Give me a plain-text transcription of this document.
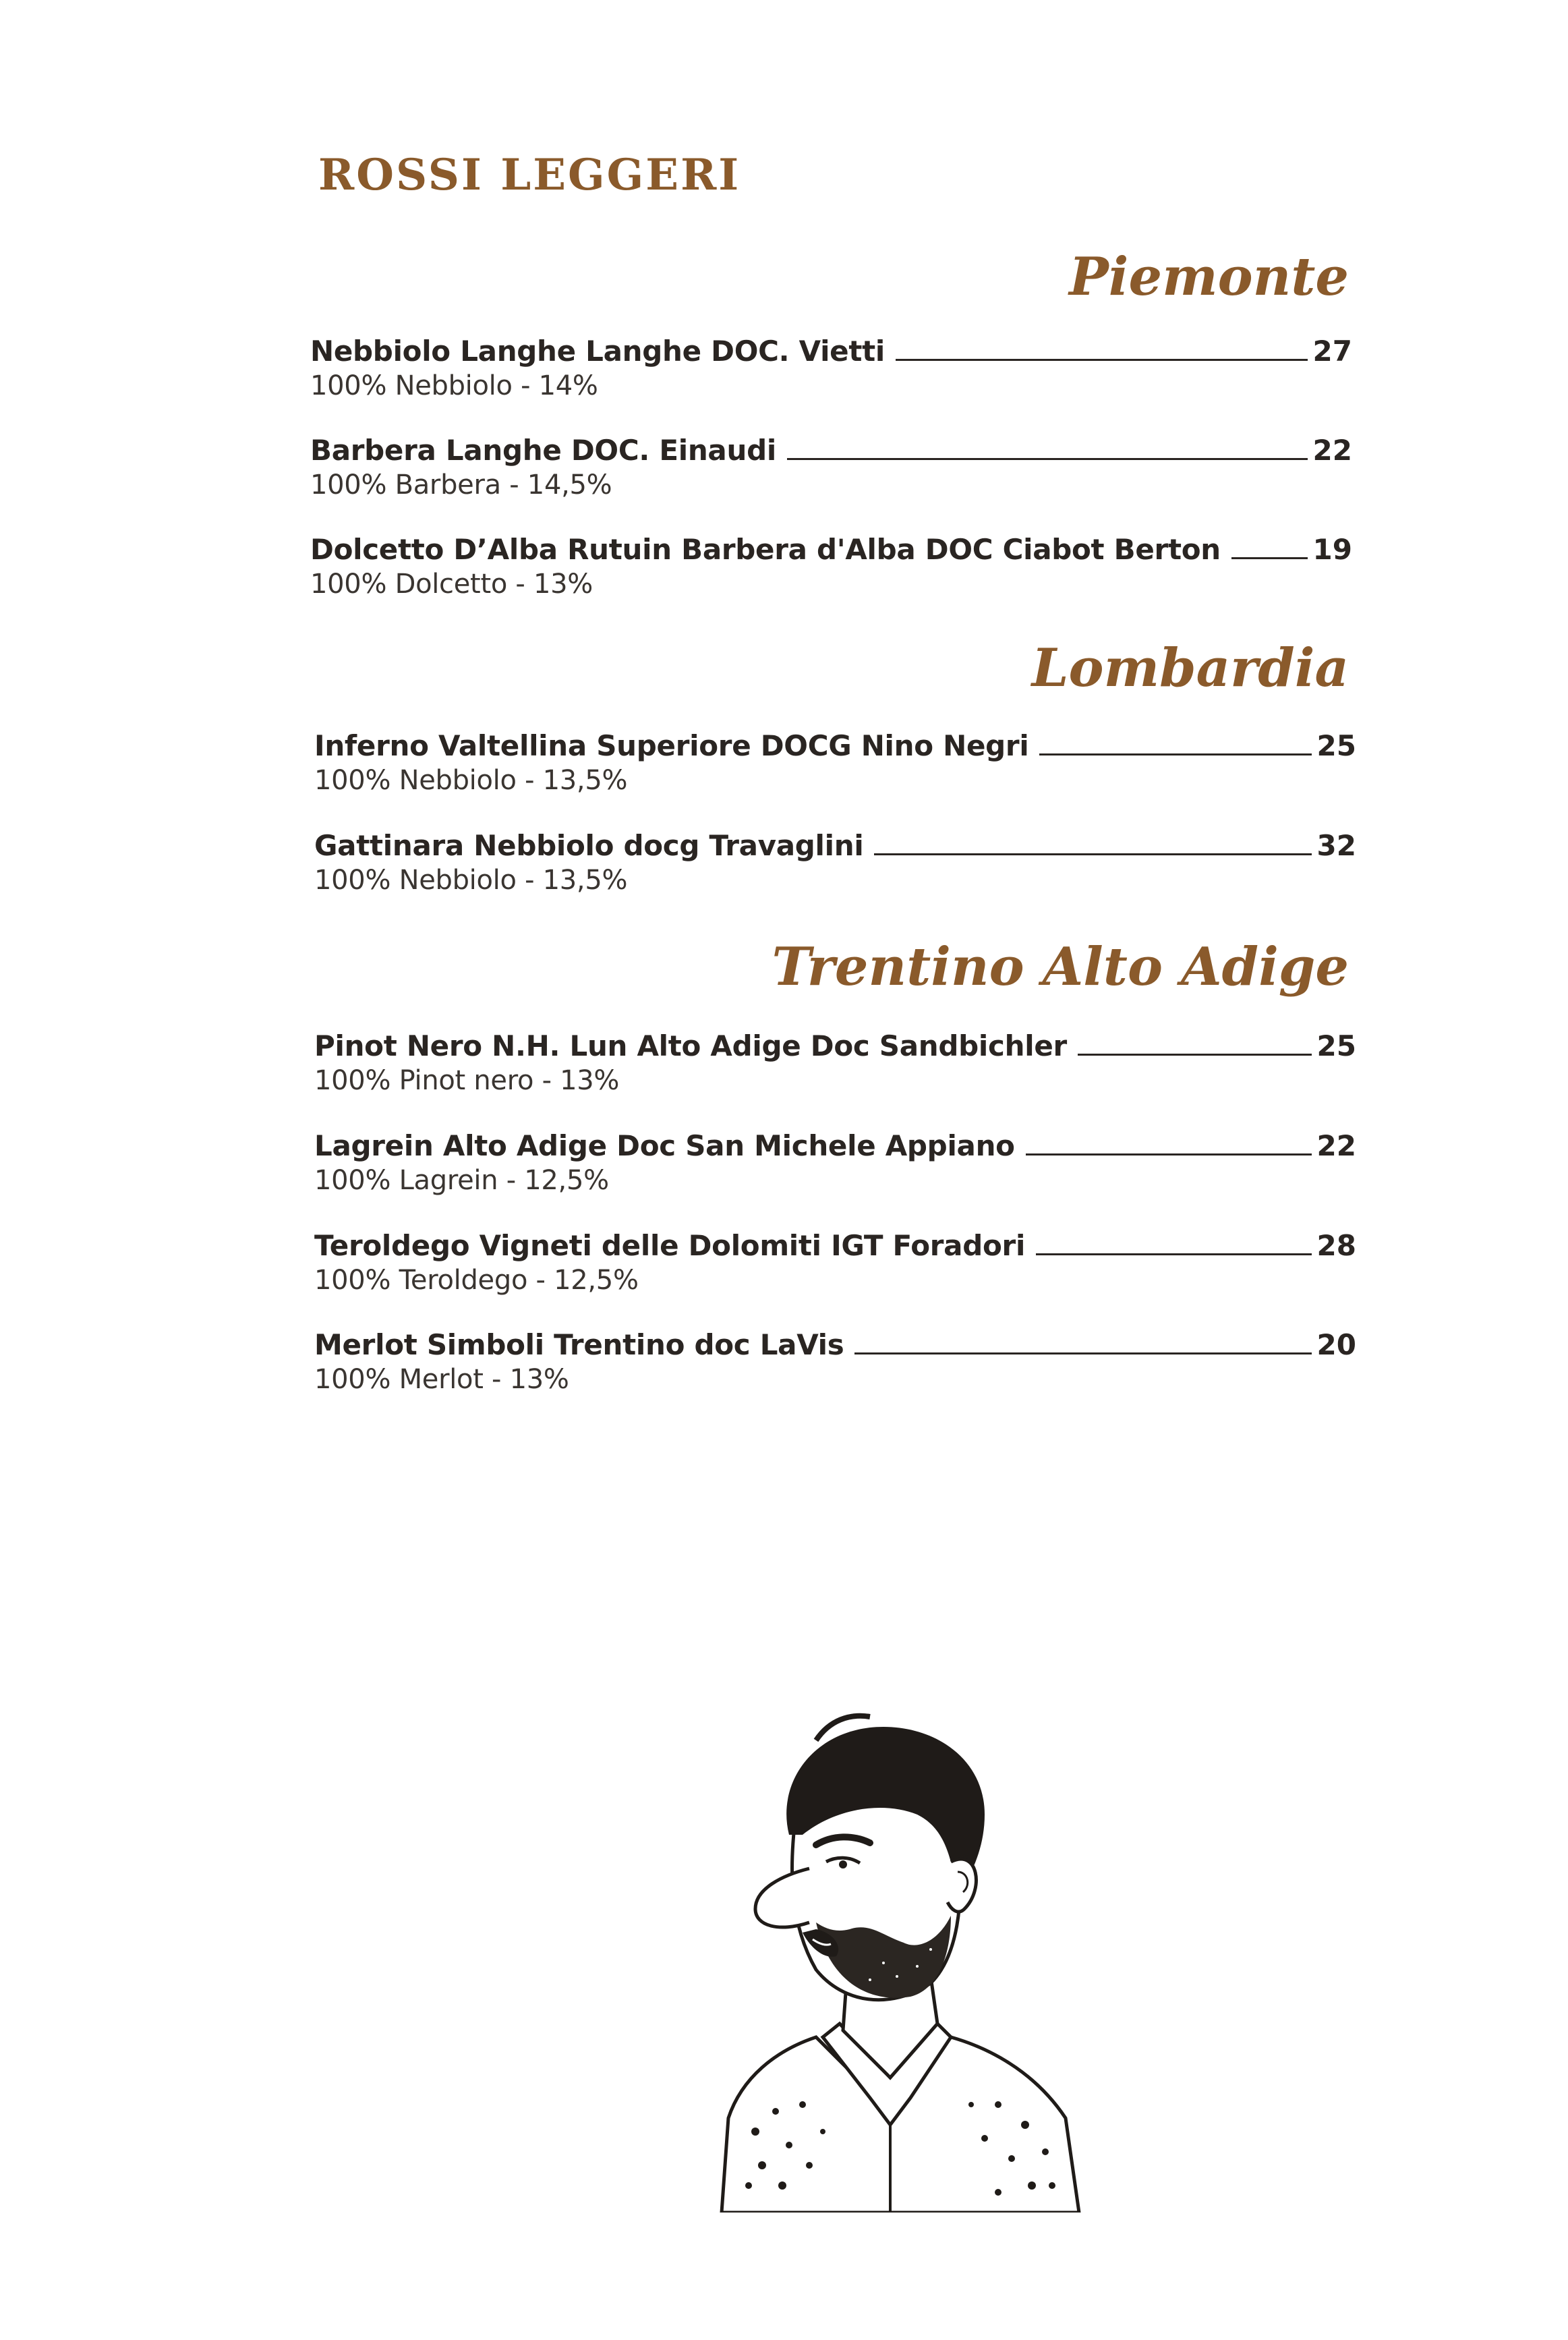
ROSSI LEGGERI
Piemonte
Nebbiolo Langhe Langhe DOC. Vietti	27
100% Nebbiolo - 14%
Barbera Langhe DOC. Einaudi	22
100% Barbera - 14,5%
Dolcetto D’Alba Rutuin Barbera d'Alba DOC Ciabot Berton	19
100% Dolcetto - 13%
Lombardia
Inferno Valtellina Superiore DOCG Nino Negri	25
100% Nebbiolo - 13,5%
Gattinara Nebbiolo docg Travaglini	32
100% Nebbiolo - 13,5%
Trentino Alto Adige
Pinot Nero N.H. Lun Alto Adige Doc Sandbichler	25
100% Pinot nero - 13%
Lagrein Alto Adige Doc San Michele Appiano	22
100% Lagrein - 12,5%
Teroldego Vigneti delle Dolomiti IGT Foradori	28
100% Teroldego - 12,5%
Merlot Simboli Trentino doc LaVis	20
100% Merlot - 13%
